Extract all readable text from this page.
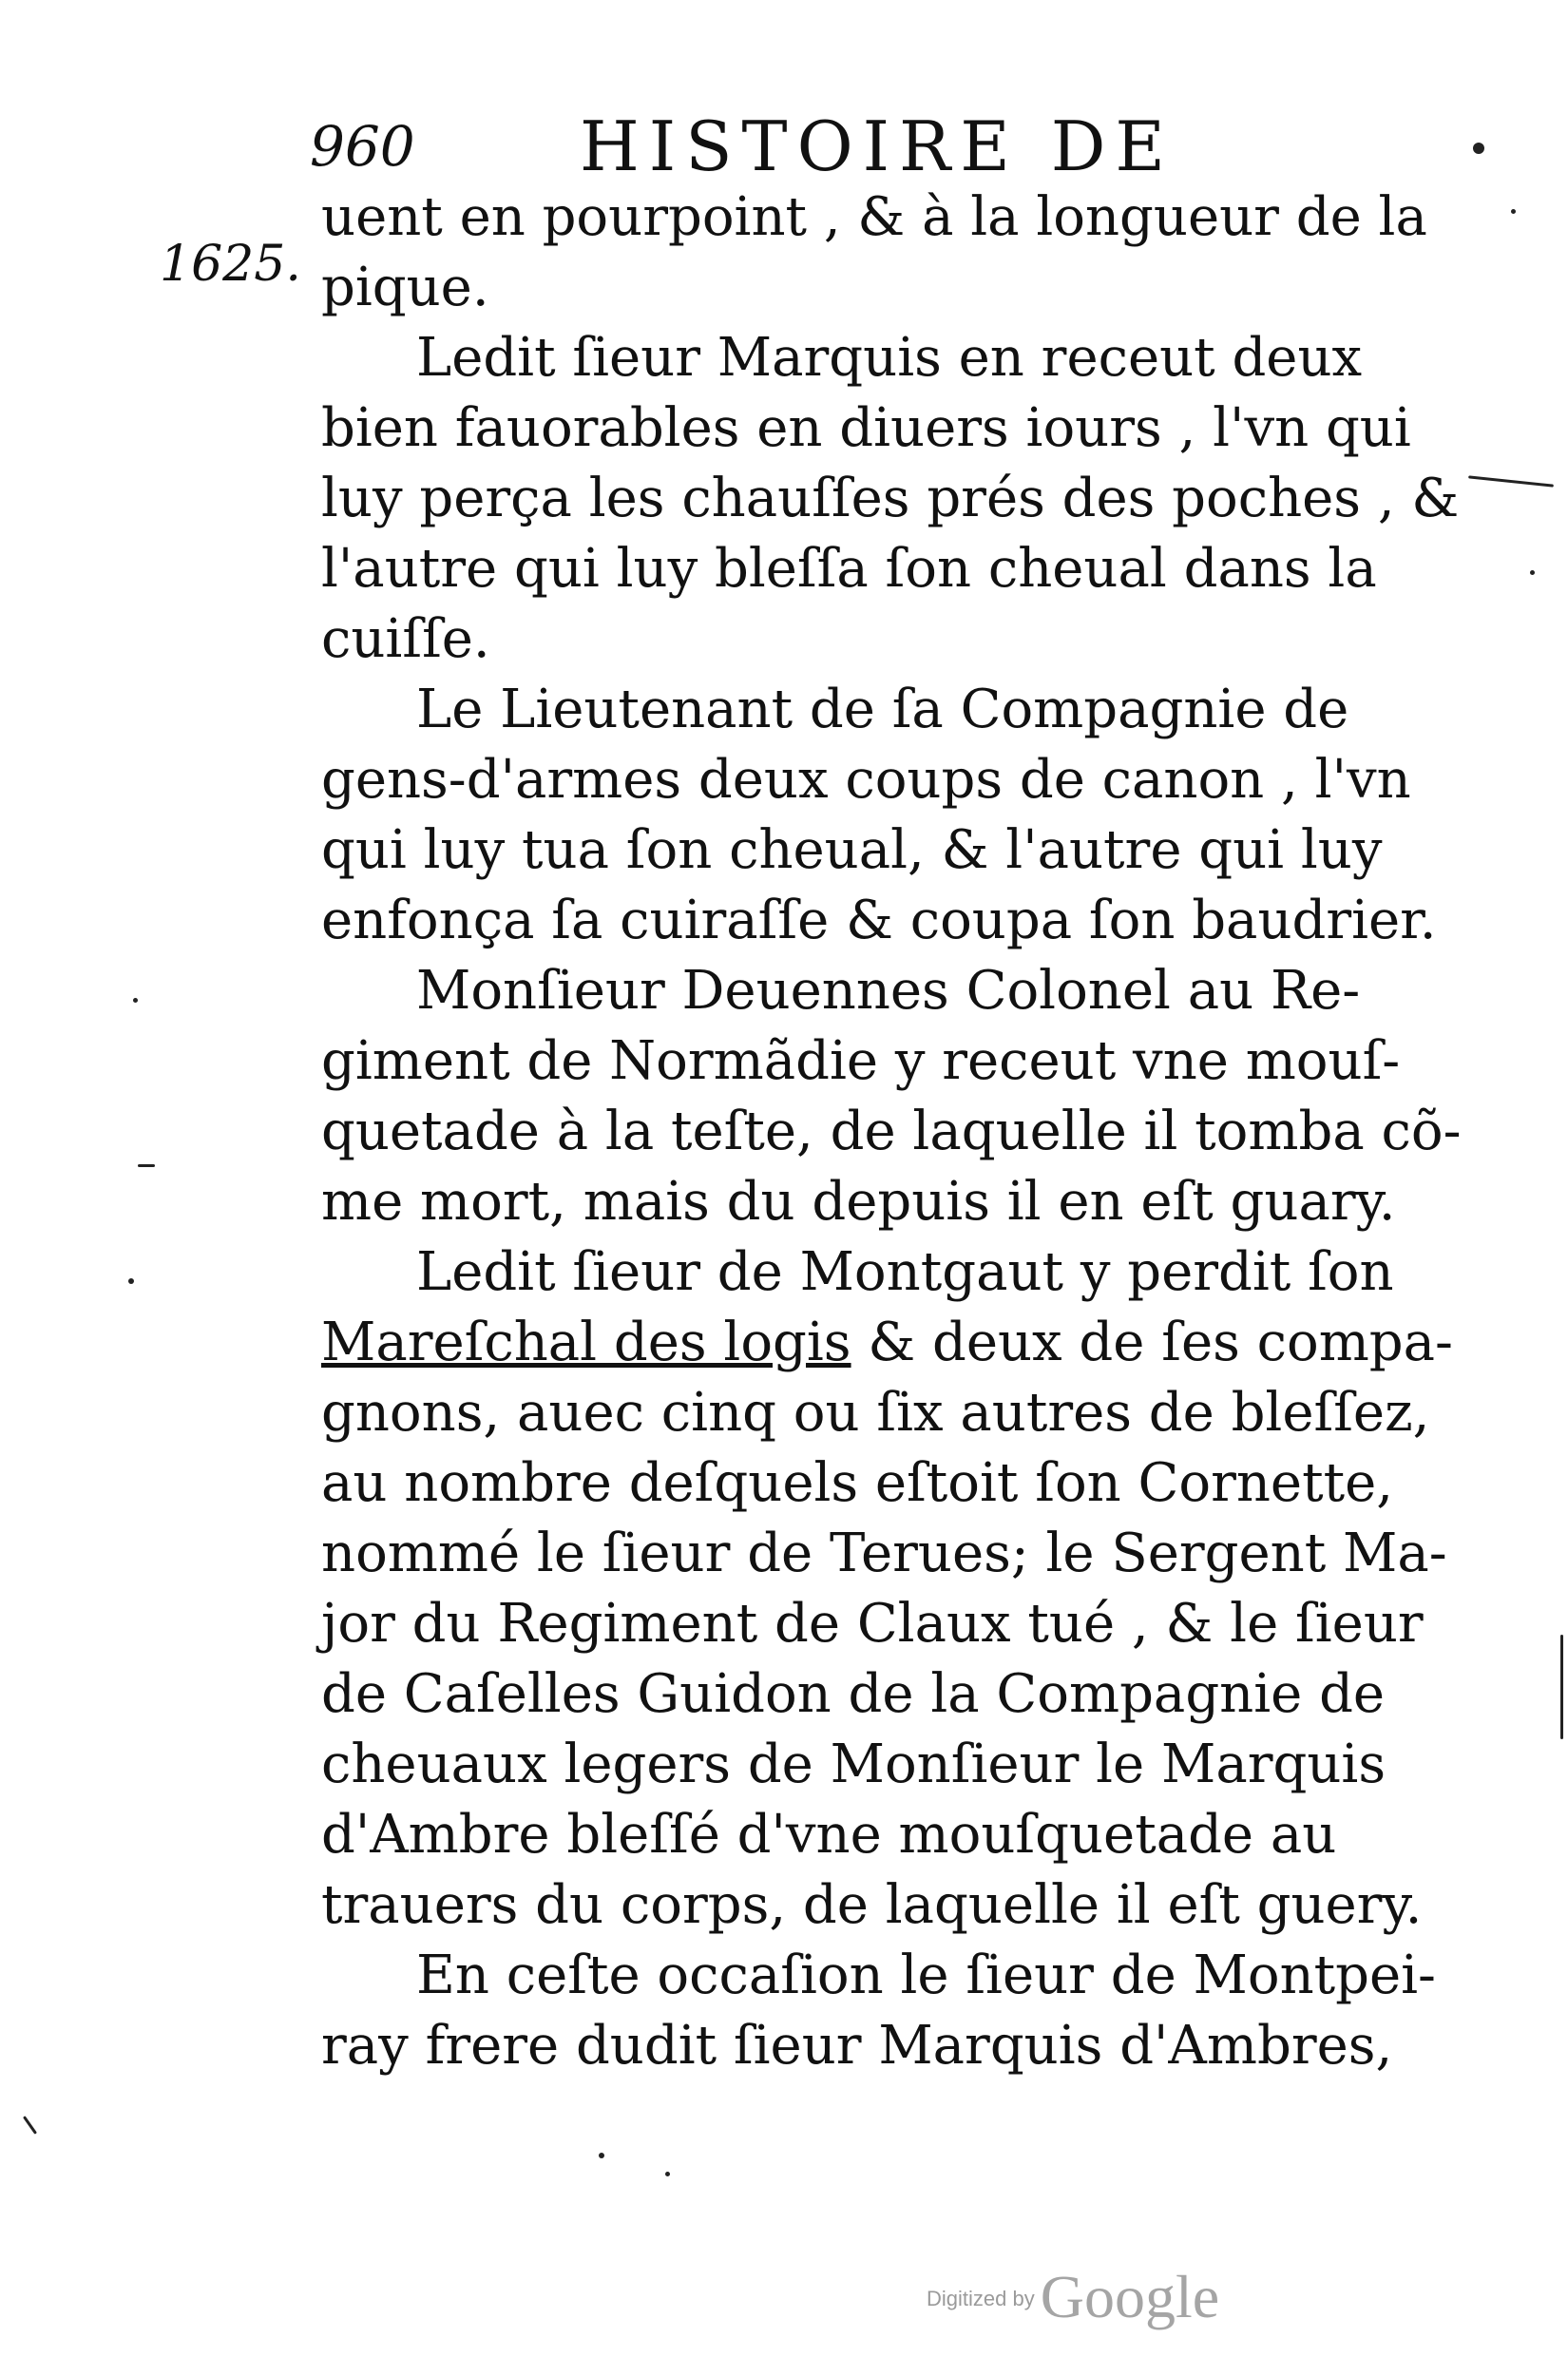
960 HISTOIRE DE
1625.
uent en pourpoint , & à la longueur de la
pique.
Ledit ſieur Marquis en receut deux
bien fauorables en diuers iours , l'vn qui
luy perça les chauſſes prés des poches , &
l'autre qui luy bleſſa ſon cheual dans la
cuiſſe.
Le Lieutenant de ſa Compagnie de
gens-d'armes deux coups de canon , l'vn
qui luy tua ſon cheual, & l'autre qui luy
enfonça ſa cuiraſſe & coupa ſon baudrier.
Monſieur Deuennes Colonel au Re-
giment de Normãdie y receut vne mouſ-
quetade à la teſte, de laquelle il tomba cõ-
me mort, mais du depuis il en eſt guary.
Ledit ſieur de Montgaut y perdit ſon
Mareſchal des logis & deux de ſes compa-
gnons, auec cinq ou ſix autres de bleſſez,
au nombre deſquels eſtoit ſon Cornette,
nommé le ſieur de Terues; le Sergent Ma-
jor du Regiment de Claux tué , & le ſieur
de Caſelles Guidon de la Compagnie de
cheuaux legers de Monſieur le Marquis
d'Ambre bleſſé d'vne mouſquetade au
trauers du corps, de laquelle il eſt guery.
En ceſte occaſion le ſieur de Montpei-
ray frere dudit ſieur Marquis d'Ambres,
Digitized byGoogle
